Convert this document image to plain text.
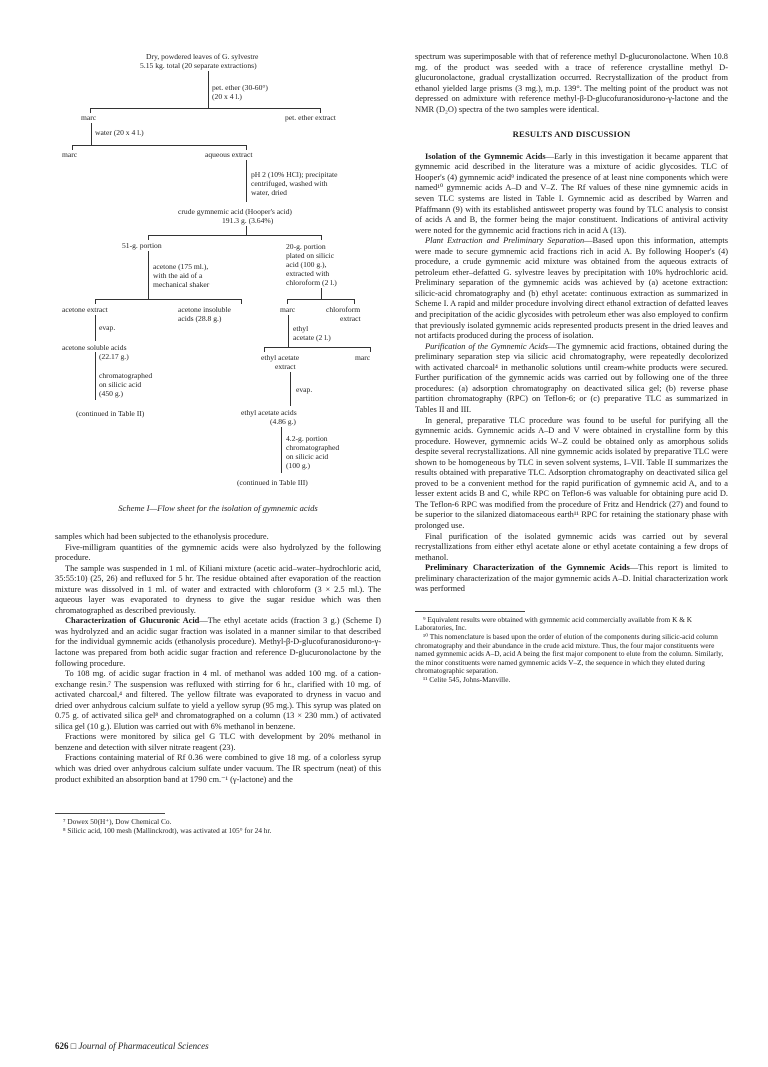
Dry, powdered leaves of G. sylvestre
5.15 kg. total (20 separate extractions)
pet. ether (30-60°)
(20 x 4 l.)
marc	pet. ether extract
water (20 x 4 l.)
marc	aqueous extract
pH 2 (10% HCl); precipitate
centrifuged, washed with
water, dried
crude gymnemic acid (Hooper's acid)
191.3 g. (3.64%)
51-g. portion	20-g. portion
plated on silicic
acid (100 g.),
extracted with
chloroform (2 l.)
acetone (175 ml.),
with the aid of a
mechanical shaker
acetone extract	acetone insoluble
acids (28.8 g.)
marc	chloroform
extract
evap.	ethyl
acetate (2 l.)
acetone soluble acids
(22.17 g.)	ethyl acetate
extract
marc
chromatographed
on silicic acid
(450 g.)	evap.
ethyl acetate acids
(4.86 g.)
(continued in Table II)
4.2-g. portion
chromatographed
on silicic acid
(100 g.)
(continued in Table III)
Scheme I—Flow sheet for the isolation of gymnemic acids

samples which had been subjected to the ethanolysis procedure.

Five-milligram quantities of the gymnemic acids were also hydrolyzed by the following procedure.

The sample was suspended in 1 ml. of Kiliani mixture (acetic acid–water–hydrochloric acid, 35:55:10) (25, 26) and refluxed for 5 hr. The residue obtained after evaporation of the reaction mixture was dissolved in 1 ml. of water and extracted with chloroform (3 × 2.5 ml.). The aqueous layer was evaporated to dryness to give the sugar residue which was then chromatographed as described previously.

Characterization of Glucuronic Acid—The ethyl acetate acids (fraction 3 g.) (Scheme I) was hydrolyzed and an acidic sugar fraction was isolated in a manner similar to that described for the individual gymnemic acids (ethanolysis procedure). Methyl-β-D-glucofuranosidurono-γ-lactone was prepared from both acidic sugar fraction and reference D-glucuronolactone by the following procedure.

To 108 mg. of acidic sugar fraction in 4 ml. of methanol was added 100 mg. of a cation-exchange resin.⁷ The suspension was refluxed with stirring for 6 hr., clarified with 10 mg. of activated charcoal,⁴ and filtered. The yellow filtrate was evaporated to dryness in vacuo and dried over anhydrous calcium sulfate to yield a yellow syrup (95 mg.). This syrup was plated on 0.75 g. of activated silica gel⁸ and chromatographed on a column (13 × 230 mm.) of activated silica gel (10 g.). Elution was carried out with 6% methanol in benzene.

Fractions were monitored by silica gel G TLC with development by 20% methanol in benzene and detection with silver nitrate reagent (23).

Fractions containing material of Rf 0.36 were combined to give 18 mg. of a colorless syrup which was dried over anhydrous calcium sulfate under vacuum. The IR spectrum (neat) of this product exhibited an absorption band at 1790 cm.⁻¹ (γ-lactone) and the

⁷ Dowex 50(H⁺), Dow Chemical Co.

⁸ Silicic acid, 100 mesh (Mallinckrodt), was activated at 105° for 24 hr.

spectrum was superimposable with that of reference methyl D-glucuronolactone. When 10.8 mg. of the product was seeded with a trace of reference crystalline methyl D-glucuronolactone, gradual crystallization occurred. Recrystallization of the product from ethanol yielded large prisms (3 mg.), m.p. 139°. The melting point of the product was not depressed on admixture with reference methyl-β-D-glucofuranosidurono-γ-lactone and the NMR (D₂O) spectra of the two samples were identical.

RESULTS AND DISCUSSION

Isolation of the Gymnemic Acids—Early in this investigation it became apparent that gymnemic acid described in the literature was a mixture of acidic glycosides. TLC of Hooper's (4) gymnemic acid⁹ indicated the presence of at least nine components which were named¹⁰ gymnemic acids A–D and V–Z. The Rf values of these nine gymnemic acids in seven TLC systems are listed in Table I. Gymnemic acid as described by Warren and Pfaffmann (9) with its established antisweet property was found by TLC analysis to consist of acids A and B, the former being the major constituent. Indications of antiviral activity were noted for the gymnemic acid fractions rich in acid A (13).

Plant Extraction and Preliminary Separation—Based upon this information, attempts were made to secure gymnemic acid fractions rich in acid A. By following Hooper's (4) procedure, a crude gymnemic acid mixture was obtained from the aqueous extracts of petroleum ether–defatted G. sylvestre leaves by precipitation with 10% hydrochloric acid. Preliminary separation of the gymnemic acids was achieved by (a) acetone extraction: silicic-acid chromatography and (b) ethyl acetate: continuous extraction as summarized in Scheme I. A rapid and milder procedure involving direct ethanol extraction of defatted leaves and precipitation of the acidic glycosides with petroleum ether was also employed to confirm that previously isolated gymnemic acids represented products present in the dried leaves and not artifacts produced during the process of isolation.

Purification of the Gymnemic Acids—The gymnemic acid fractions, obtained during the preliminary separation step via silicic acid chromatography, were repeatedly decolorized with activated charcoal⁴ in methanolic solutions until cream-white products were secured. Further purification of the gymnemic acids was carried out by following one of the three procedures: (a) adsorption chromatography on deactivated silica gel; (b) reverse phase partition chromatography (RPC) on Teflon-6; or (c) preparative TLC as summarized in Tables II and III.

In general, preparative TLC procedure was found to be useful for purifying all the gymnemic acids. Gymnemic acids A–D and V were obtained in crystalline form by this procedure. However, gymnemic acids W–Z could be obtained only as amorphous solids despite several recrystallizations. All nine gymnemic acids isolated by preparative TLC were shown to be homogeneous by TLC in seven solvent systems, I–VII. Table II summarizes the results obtained with preparative TLC. Adsorption chromatography on deactivated silica gel proved to be a convenient method for the rapid purification of gymnemic acid A, and to a lesser extent acids B and C, while RPC on Teflon-6 was valuable for obtaining pure acid D. The Teflon-6 RPC was modified from the procedure of Fritz and Hendrick (27) and found to be superior to the silanized diatomaceous earth¹¹ RPC for retaining the stationary phase with prolonged use.

Final purification of the isolated gymnemic acids was carried out by several recrystallizations from either ethyl acetate alone or ethyl acetate containing a few drops of methanol.

Preliminary Characterization of the Gymnemic Acids—This report is limited to preliminary characterization of the major gymnemic acids A–D. Initial characterization work was performed

⁹ Equivalent results were obtained with gymnemic acid commercially available from K & K Laboratories, Inc.

¹⁰ This nomenclature is based upon the order of elution of the components during silicic-acid column chromatography and their abundance in the crude acid mixture. Thus, the four major constituents were named gymnemic acids A–D, acid A being the first major component to elute from the column. Similarly, the minor constituents were named gymnemic acids V–Z, the sequence in which they eluted during chromatographic separation.

¹¹ Celite 545, Johns-Manville.

626 □ Journal of Pharmaceutical Sciences
